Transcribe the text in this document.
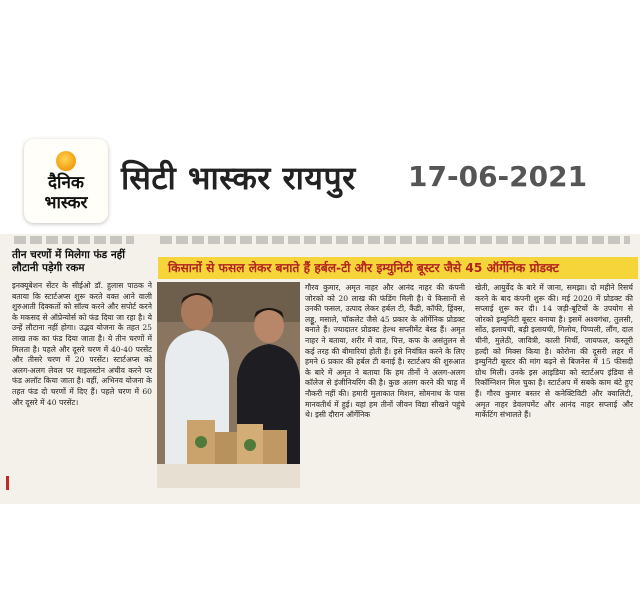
दैनिक
भास्कर
सिटी भास्कर रायपुर 17-06-2021
तीन चरणों में मिलेगा फंड नहीं लौटानी पड़ेगी रकम
इनक्यूबेशन सेंटर के सीईओ डॉ. हुलास पाठक ने बताया कि स्टार्टअप्स शुरू करते वक्त आने वाली शुरुआती दिक्कतों को सॉल्व करने और सपोर्ट करने के मकसद से ऑप्रेन्योर्स को फंड दिया जा रहा है। ये उन्हें लौटाना नहीं होगा। उद्भव योजना के तहत 25 लाख तक का फंड दिया जाता है। ये तीन चरणों में मिलता है। पहले और दूसरे चरण में 40-40 परसेंट और तीसरे चरण में 20 परसेंट। स्टार्टअप्स को अलग-अलग लेवल पर माइलस्टोन अचीव करने पर फंड अलॉट किया जाता है। वहीं, अभिनव योजना के तहत फंड दो चरणों में दिए हैं। पहले चरण में 60 और दूसरे में 40 परसेंट।
किसानों से फसल लेकर बनाते हैं हर्बल-टी और इम्युनिटी बूस्टर जैसे 45 ऑर्गेनिक प्रोडक्ट
गौरव कुमार, अमृत नाहर और आनंद नाहर की कंपनी जोरको को 20 लाख की फंडिंग मिली है। ये किसानों से उनकी फसल, उत्पाद लेकर हर्बल टी, कैंडी, कॉफी, ड्रिंक्स, लड्डू, मसाले, चॉकलेट जैसे 45 प्रकार के ऑर्गेनिक प्रोडक्ट बनाते हैं। ज्यादातर प्रोडक्ट हेल्थ सप्लीमेंट बेस्ड हैं। अमृत नाहर ने बताया, शरीर में वात, पित्त, कफ के असंतुलन से कई तरह की बीमारियां होती हैं। इसे नियंत्रित करने के लिए हमने 6 प्रकार की हर्बल टी बनाई है। स्टार्टअप की शुरुआत के बारे में अमृत ने बताया कि हम तीनों ने अलग-अलग कॉलेज से इंजीनियरिंग की है। कुछ अलग करने की चाह में नौकरी नहीं की। हमारी मुलाकात मिशन, सोमनाथ के पास मानवतीर्थ में हुई। यहां हम तीनों जीवन विद्या सीखने पहुंचे थे। इसी दौरान ऑर्गेनिक
खेती, आयुर्वेद के बारे में जाना, समझा। दो महीने रिसर्च करने के बाद कंपनी शुरू की। मई 2020 में प्रोडक्ट की सप्लाई शुरू कर दी। 14 जड़ी-बूटियों के उपयोग से जोरको इम्युनिटी बूस्टर बनाया है। इसमें अश्वगंधा, तुलसी, सोंठ, इलायची, बड़ी इलायची, गिलोय, पिप्पली, लौंग, दाल चीनी, मुलेठी, जावित्री, काली मिर्ची, जायफल, कस्तूरी हल्दी को मिक्स किया है। कोरोना की दूसरी लहर में इम्युनिटी बूस्टर की मांग बढ़ने से बिजनेस में 15 फीसदी ग्रोथ मिली। उनके इस आइडिया को स्टार्टअप इंडिया से रिकॉग्निशन मिल चुका है। स्टार्टअप में सबके काम बंटे हुए हैं। गौरव कुमार बस्तर से कनेक्टिविटी और क्वालिटी, अमृत नाहर डेवलपमेंट और आनंद नाहर सप्लाई और मार्केटिंग संभालते हैं।
